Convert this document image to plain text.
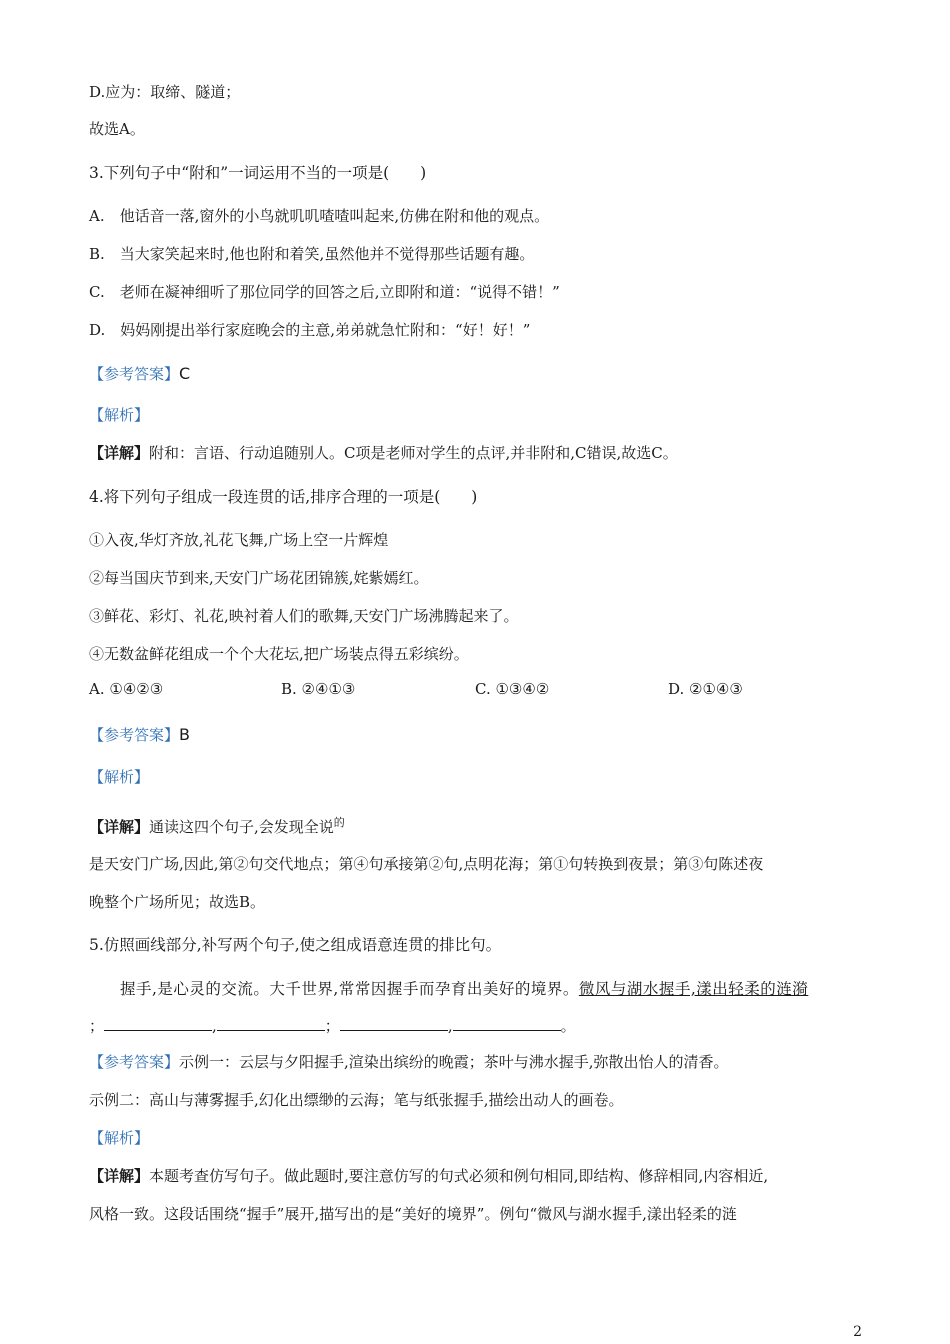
D.应为：取缔、隧道；
故选A。
3.下列句子中“附和”一词运用不当的一项是(　　)
A.　他话音一落,窗外的小鸟就叽叽喳喳叫起来,仿佛在附和他的观点。
B.　当大家笑起来时,他也附和着笑,虽然他并不觉得那些话题有趣。
C.　老师在凝神细听了那位同学的回答之后,立即附和道：“说得不错！”
D.　妈妈刚提出举行家庭晚会的主意,弟弟就急忙附和：“好！好！”
【参考答案】C
【解析】
【详解】附和：言语、行动追随别人。C项是老师对学生的点评,并非附和,C错误,故选C。
4.将下列句子组成一段连贯的话,排序合理的一项是(　　)
①入夜,华灯齐放,礼花飞舞,广场上空一片辉煌
②每当国庆节到来,天安门广场花团锦簇,姹紫嫣红。
③鲜花、彩灯、礼花,映衬着人们的歌舞,天安门广场沸腾起来了。
④无数盆鲜花组成一个个大花坛,把广场装点得五彩缤纷。
A. ①④②③	B. ②④①③	C. ①③④②	D. ②①④③
【参考答案】B
【解析】
【详解】通读这四个句子,会发现全说$^的$
是天安门广场,因此,第②句交代地点；第④句承接第②句,点明花海；第①句转换到夜景；第③句陈述夜
晚整个广场所见；故选B。
5.仿照画线部分,补写两个句子,使之组成语意连贯的排比句。
握手,是心灵的交流。大千世界,常常因握手而孕育出美好的境界。微风与湖水握手,漾出轻柔的涟漪
；	,	；	,	。
【参考答案】示例一：云层与夕阳握手,渲染出缤纷的晚霞；茶叶与沸水握手,弥散出怡人的清香。
示例二：高山与薄雾握手,幻化出缥缈的云海；笔与纸张握手,描绘出动人的画卷。
【解析】
【详解】本题考查仿写句子。做此题时,要注意仿写的句式必须和例句相同,即结构、修辞相同,内容相近,
风格一致。这段话围绕“握手”展开,描写出的是“美好的境界”。例句“微风与湖水握手,漾出轻柔的涟
2
